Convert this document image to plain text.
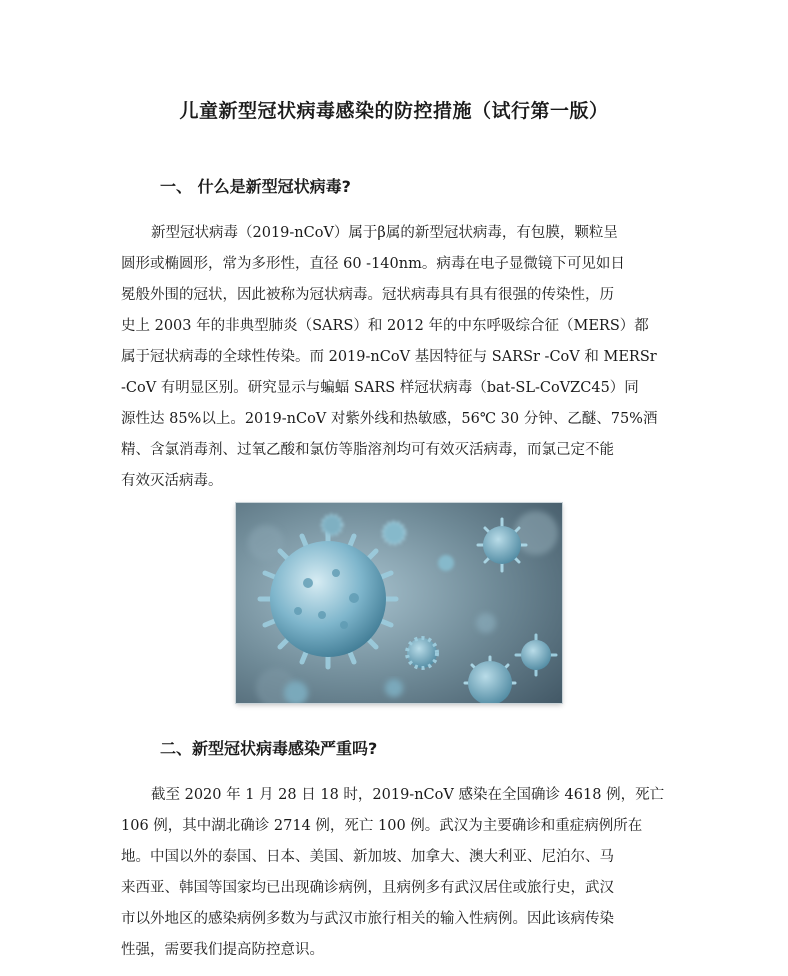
儿童新型冠状病毒感染的防控措施（试行第一版）
一、 什么是新型冠状病毒?
新型冠状病毒（2019-nCoV）属于β属的新型冠状病毒，有包膜，颗粒呈
圆形或椭圆形，常为多形性，直径 60 -140nm。病毒在电子显微镜下可见如日
冕般外围的冠状，因此被称为冠状病毒。冠状病毒具有具有很强的传染性，历
史上 2003 年的非典型肺炎（SARS）和 2012 年的中东呼吸综合征（MERS）都
属于冠状病毒的全球性传染。而 2019-nCoV 基因特征与 SARSr -CoV 和 MERSr
-CoV 有明显区别。研究显示与蝙蝠 SARS 样冠状病毒（bat-SL-CoVZC45）同
源性达 85%以上。2019-nCoV 对紫外线和热敏感，56℃ 30 分钟、乙醚、75%酒
精、含氯消毒剂、过氧乙酸和氯仿等脂溶剂均可有效灭活病毒，而氯己定不能
有效灭活病毒。
二、新型冠状病毒感染严重吗?
截至 2020 年 1 月 28 日 18 时，2019-nCoV 感染在全国确诊 4618 例，死亡
106 例，其中湖北确诊 2714 例，死亡 100 例。武汉为主要确诊和重症病例所在
地。中国以外的泰国、日本、美国、新加坡、加拿大、澳大利亚、尼泊尔、马
来西亚、韩国等国家均已出现确诊病例，且病例多有武汉居住或旅行史，武汉
市以外地区的感染病例多数为与武汉市旅行相关的输入性病例。因此该病传染
性强，需要我们提高防控意识。
